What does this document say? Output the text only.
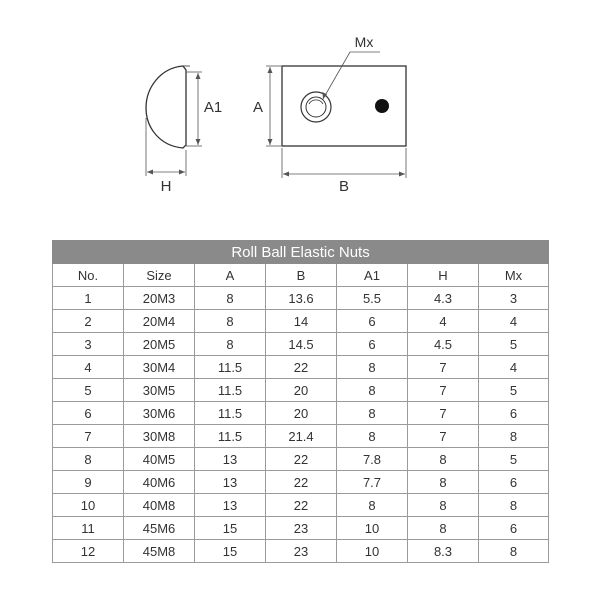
A1
H
A
B
Mx
Roll Ball Elastic Nuts						
No.	Size	A	B	A1	H	Mx
1	20M3	8	13.6	5.5	4.3	3
2	20M4	8	14	6	4	4
3	20M5	8	14.5	6	4.5	5
4	30M4	11.5	22	8	7	4
5	30M5	11.5	20	8	7	5
6	30M6	11.5	20	8	7	6
7	30M8	11.5	21.4	8	7	8
8	40M5	13	22	7.8	8	5
9	40M6	13	22	7.7	8	6
10	40M8	13	22	8	8	8
11	45M6	15	23	10	8	6
12	45M8	15	23	10	8.3	8
